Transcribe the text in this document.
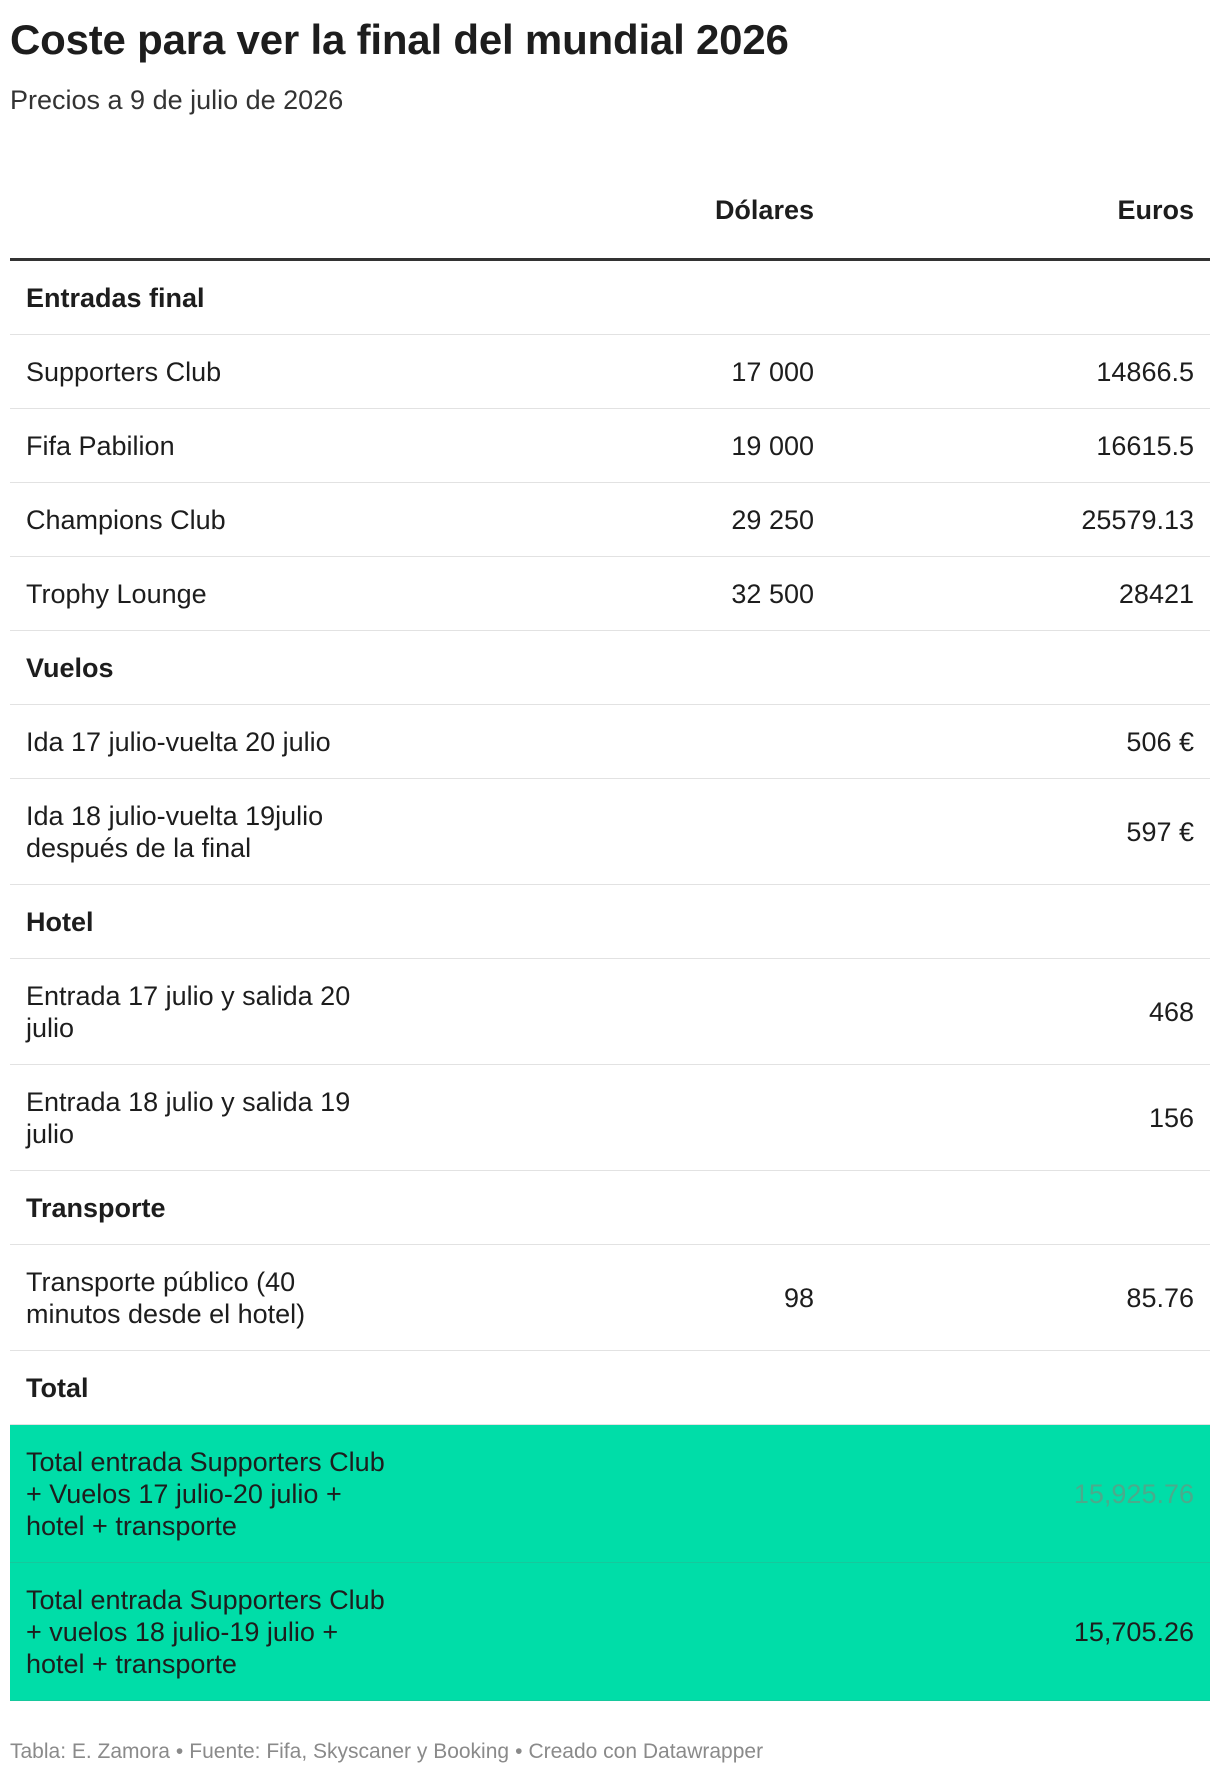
Coste para ver la final del mundial 2026
Precios a 9 de julio de 2026
	Dólares	Euros
Entradas final		
Supporters Club	17 000	14866.5
Fifa Pabilion	19 000	16615.5
Champions Club	29 250	25579.13
Trophy Lounge	32 500	28421
Vuelos		
Ida 17 julio-vuelta 20 julio		506 €
Ida 18 julio-vuelta 19julio
después de la final		597 €
Hotel		
Entrada 17 julio y salida 20
julio		468
Entrada 18 julio y salida 19
julio		156
Transporte		
Transporte público (40
minutos desde el hotel)	98	85.76
Total		
Total entrada Supporters Club
+ Vuelos 17 julio-20 julio +
hotel + transporte		15,925.76
Total entrada Supporters Club
+ vuelos 18 julio-19 julio +
hotel + transporte		15,705.26
Tabla: E. Zamora • Fuente: Fifa, Skyscaner y Booking • Creado con Datawrapper
